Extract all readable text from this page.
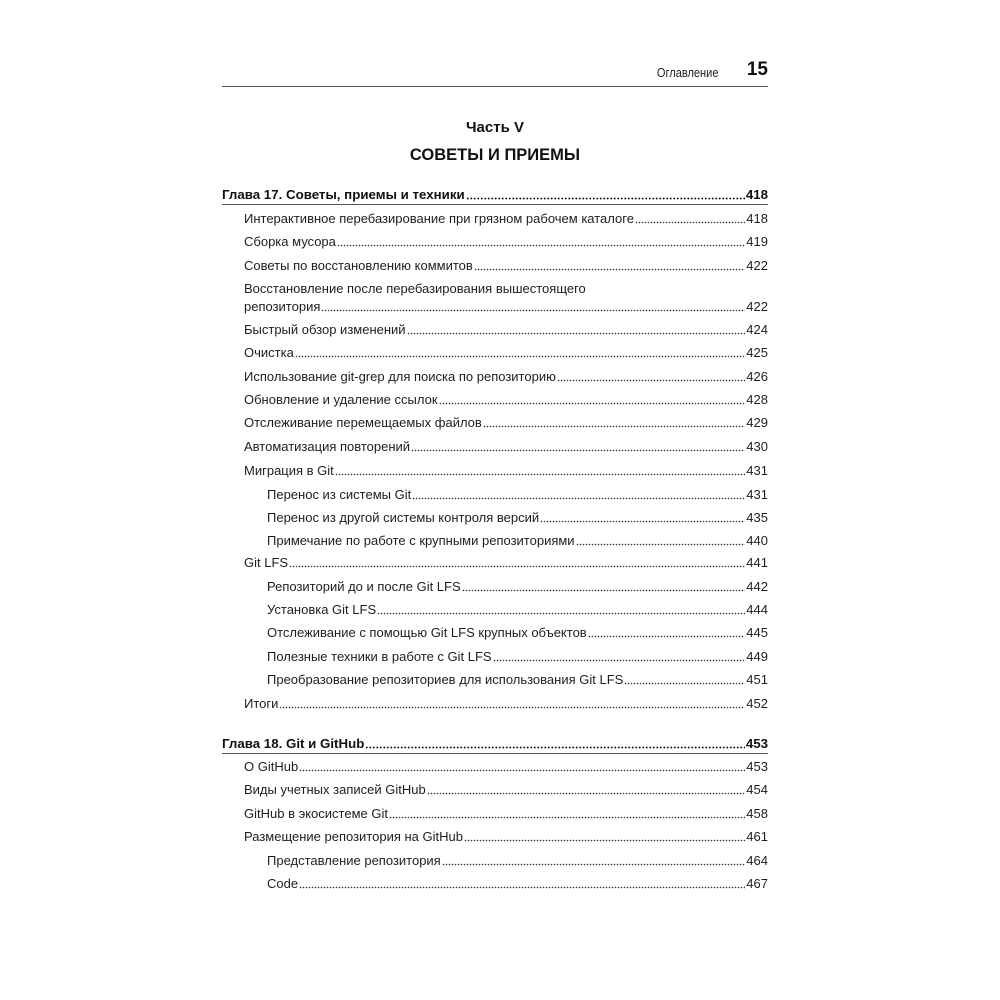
Оглавление 15
Часть V
СОВЕТЫ И ПРИЕМЫ
Глава 17. Советы, приемы и техники	418
Интерактивное перебазирование при грязном рабочем каталоге	418
Сборка мусора	419
Советы по восстановлению коммитов	422
Восстановление после перебазирования вышестоящего
репозитория	422
Быстрый обзор изменений	424
Очистка	425
Использование git-grep для поиска по репозиторию	426
Обновление и удаление ссылок	428
Отслеживание перемещаемых файлов	429
Автоматизация повторений	430
Миграция в Git	431
Перенос из системы Git	431
Перенос из другой системы контроля версий	435
Примечание по работе с крупными репозиториями	440
Git LFS	441
Репозиторий до и после Git LFS	442
Установка Git LFS	444
Отслеживание с помощью Git LFS крупных объектов	445
Полезные техники в работе с Git LFS	449
Преобразование репозиториев для использования Git LFS	451
Итоги	452
Глава 18. Git и GitHub	453
О GitHub	453
Виды учетных записей GitHub	454
GitHub в экосистеме Git	458
Размещение репозитория на GitHub	461
Представление репозитория	464
Code	467
